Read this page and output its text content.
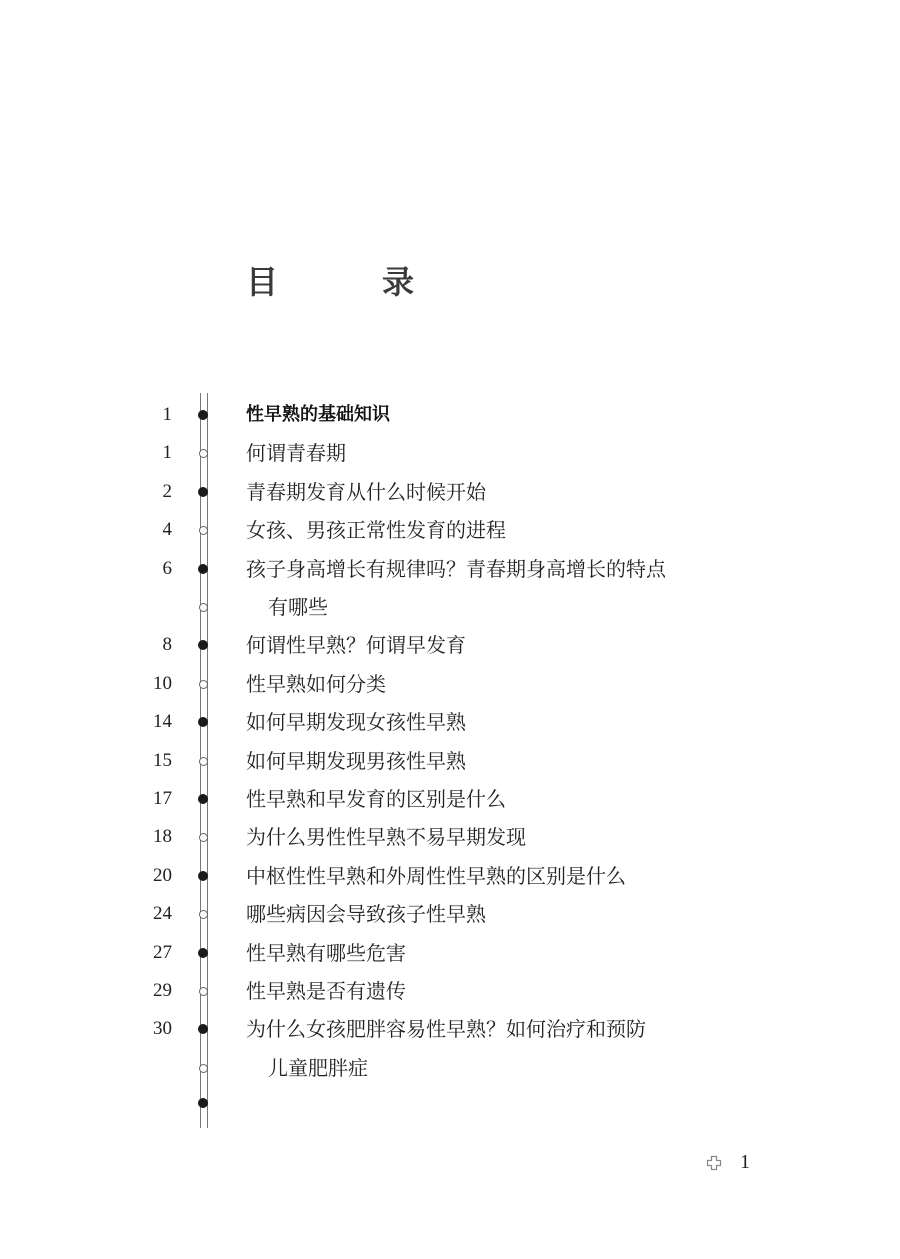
目　录
1	性早熟的基础知识
1	何谓青春期
2	青春期发育从什么时候开始
4	女孩、男孩正常性发育的进程
6	孩子身高增长有规律吗？青春期身高增长的特点
有哪些
8	何谓性早熟？何谓早发育
10	性早熟如何分类
14	如何早期发现女孩性早熟
15	如何早期发现男孩性早熟
17	性早熟和早发育的区别是什么
18	为什么男性性早熟不易早期发现
20	中枢性性早熟和外周性性早熟的区别是什么
24	哪些病因会导致孩子性早熟
27	性早熟有哪些危害
29	性早熟是否有遗传
30	为什么女孩肥胖容易性早熟？如何治疗和预防
儿童肥胖症
1
